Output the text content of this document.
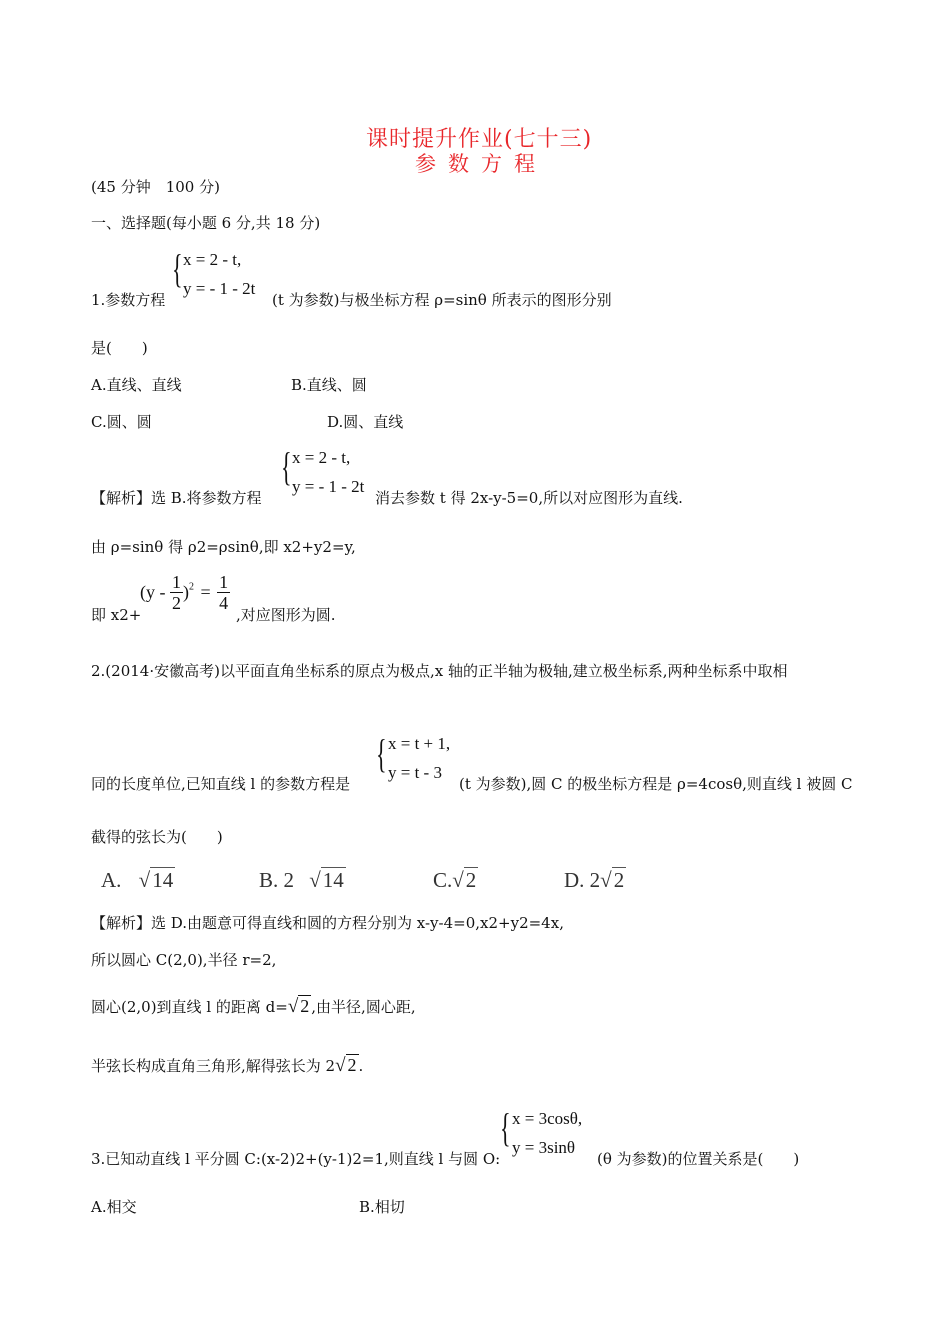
课时提升作业(七十三)
参数方程
(45 分钟　100 分)
一、选择题(每小题 6 分,共 18 分)
{ x = 2 - t,
y = - 1 - 2t
1.参数方程	(t 为参数)与极坐标方程 ρ=sinθ 所表示的图形分别
是(　　)
A.直线、直线	B.直线、圆
C.圆、圆	D.圆、直线
{ x = 2 - t,
y = - 1 - 2t
【解析】选 B.将参数方程	消去参数 t 得 2x-y-5=0,所以对应图形为直线.
由 ρ=sinθ 得 ρ2=ρsinθ,即 x2+y2=y,
即 x2+
$(y - \frac{1}{2} )^2 = \frac{1}{4}$
,对应图形为圆.
2.(2014·安徽高考)以平面直角坐标系的原点为极点,x 轴的正半轴为极轴,建立极坐标系,两种坐标系中取相
{ x = t + 1,
y = t - 3
同的长度单位,已知直线 l 的参数方程是	(t 为参数),圆 C 的极坐标方程是 ρ=4cosθ,则直线 l 被圆 C
截得的弦长为(　　)
A. √14	B. 2 √14	C.√2	D. 2√2
【解析】选 D.由题意可得直线和圆的方程分别为 x-y-4=0,x2+y2=4x,
所以圆心 C(2,0),半径 r=2,
圆心(2,0)到直线 l 的距离 d=√ 2 ,由半径,圆心距,
半弦长构成直角三角形,解得弦长为 2√ 2 .
{ x = 3cosθ,
y = 3sinθ
3.已知动直线 l 平分圆 C:(x-2)2+(y-1)2=1,则直线 l 与圆 O:	(θ 为参数)的位置关系是(　　)
A.相交	B.相切
